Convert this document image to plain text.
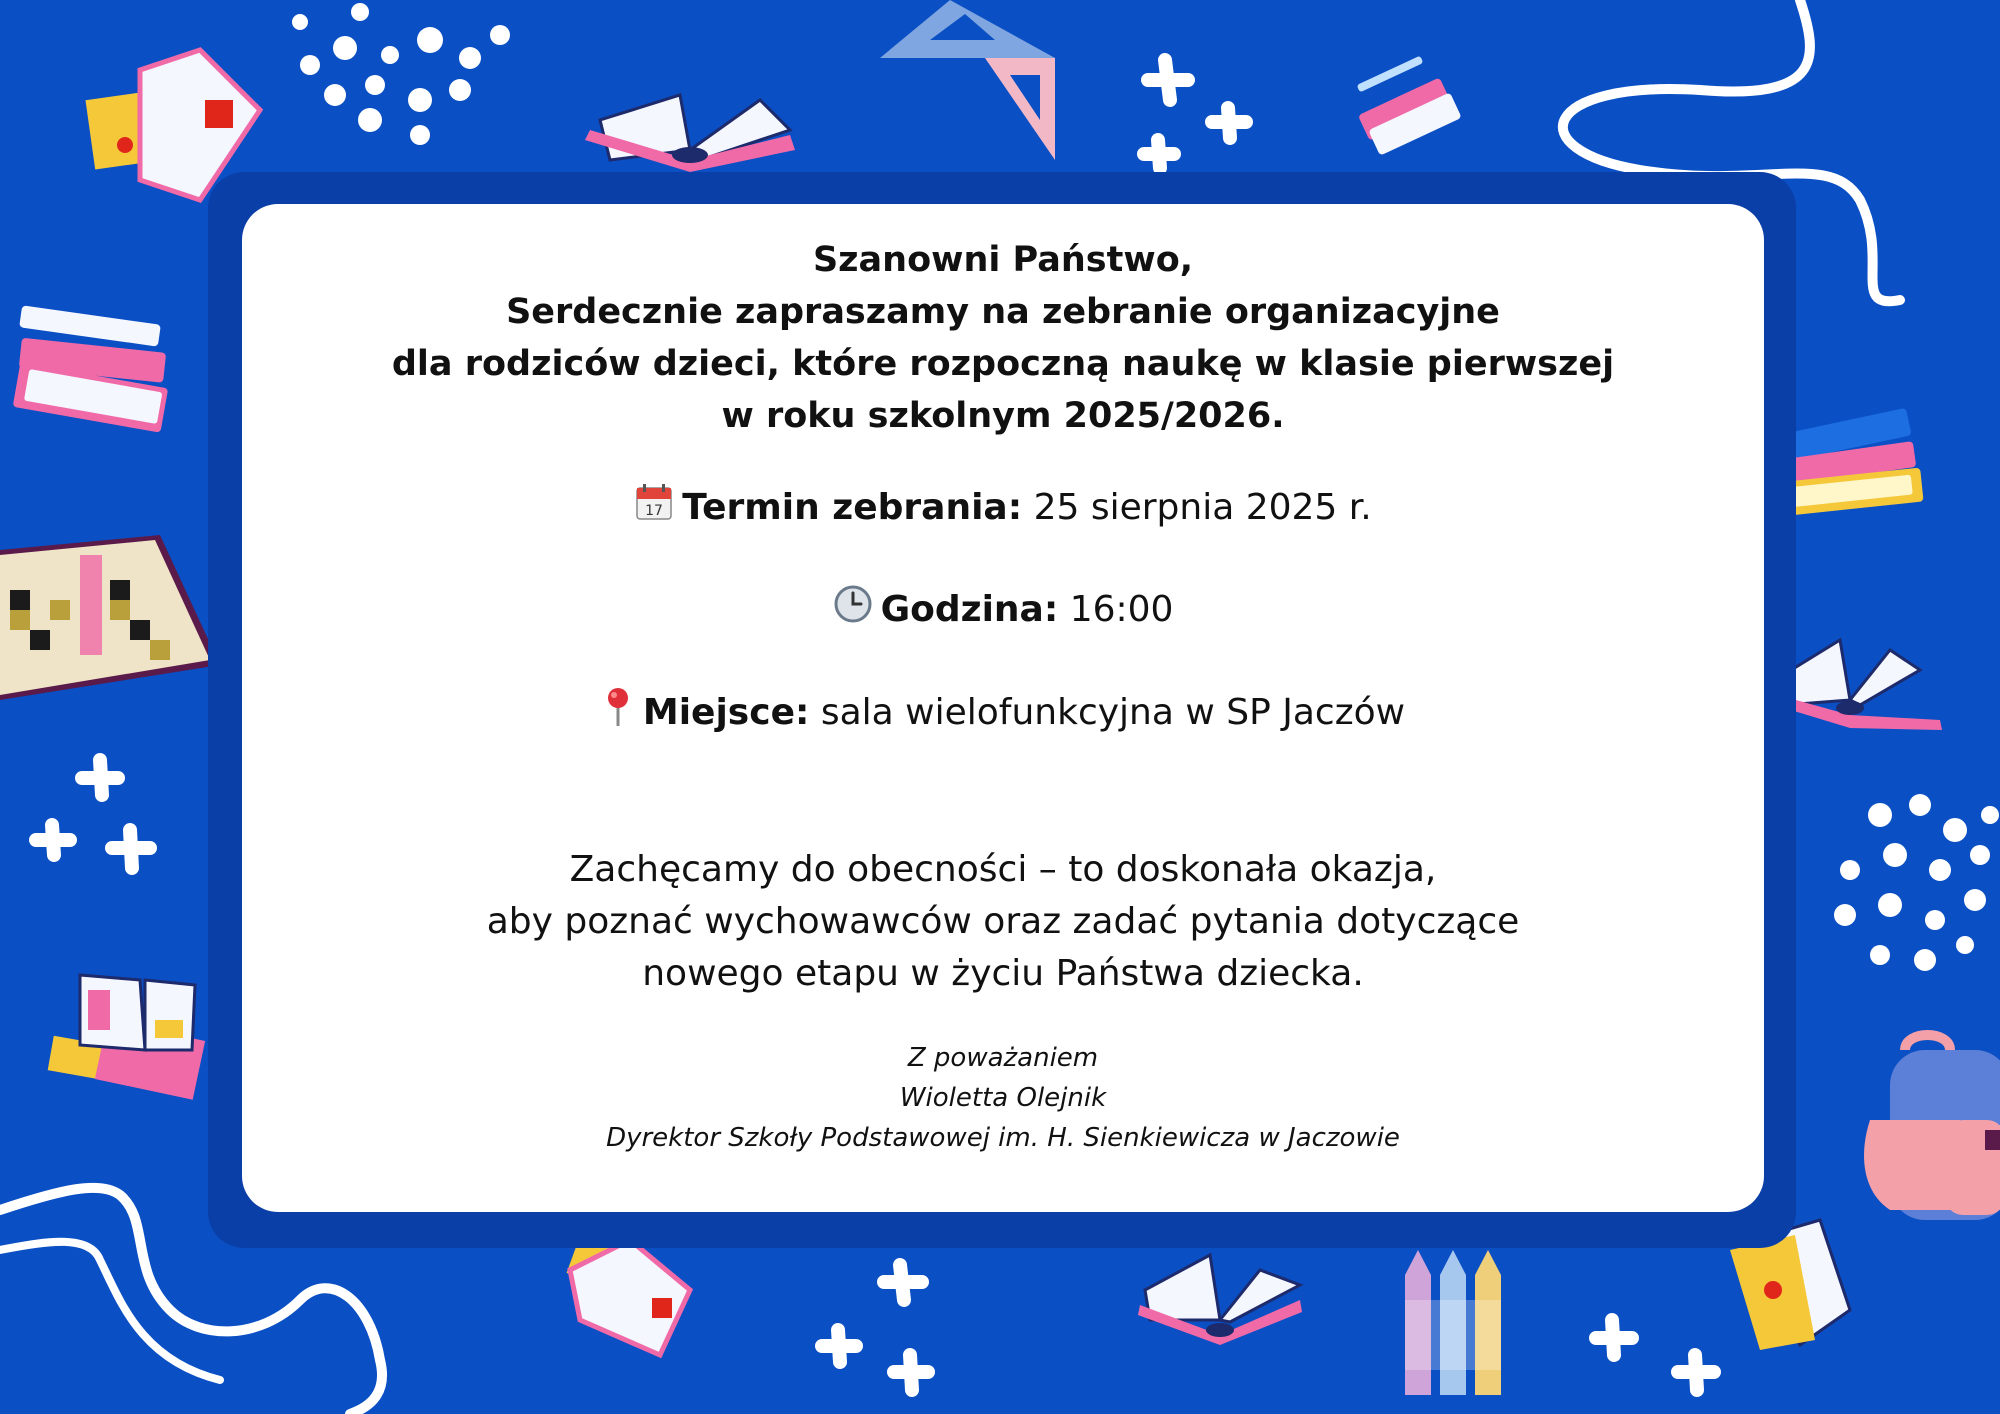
Szanowni Państwo,
Serdecznie zapraszamy na zebranie organizacyjne
dla rodziców dzieci, które rozpoczną naukę w klasie pierwszej
w roku szkolnym 2025/2026.
17 Termin zebrania: 25 sierpnia 2025 r.
Godzina: 16:00
Miejsce: sala wielofunkcyjna w SP Jaczów
Zachęcamy do obecności – to doskonała okazja,
aby poznać wychowawców oraz zadać pytania dotyczące
nowego etapu w życiu Państwa dziecka.
Z poważaniem
Wioletta Olejnik
Dyrektor Szkoły Podstawowej im. H. Sienkiewicza w Jaczowie
